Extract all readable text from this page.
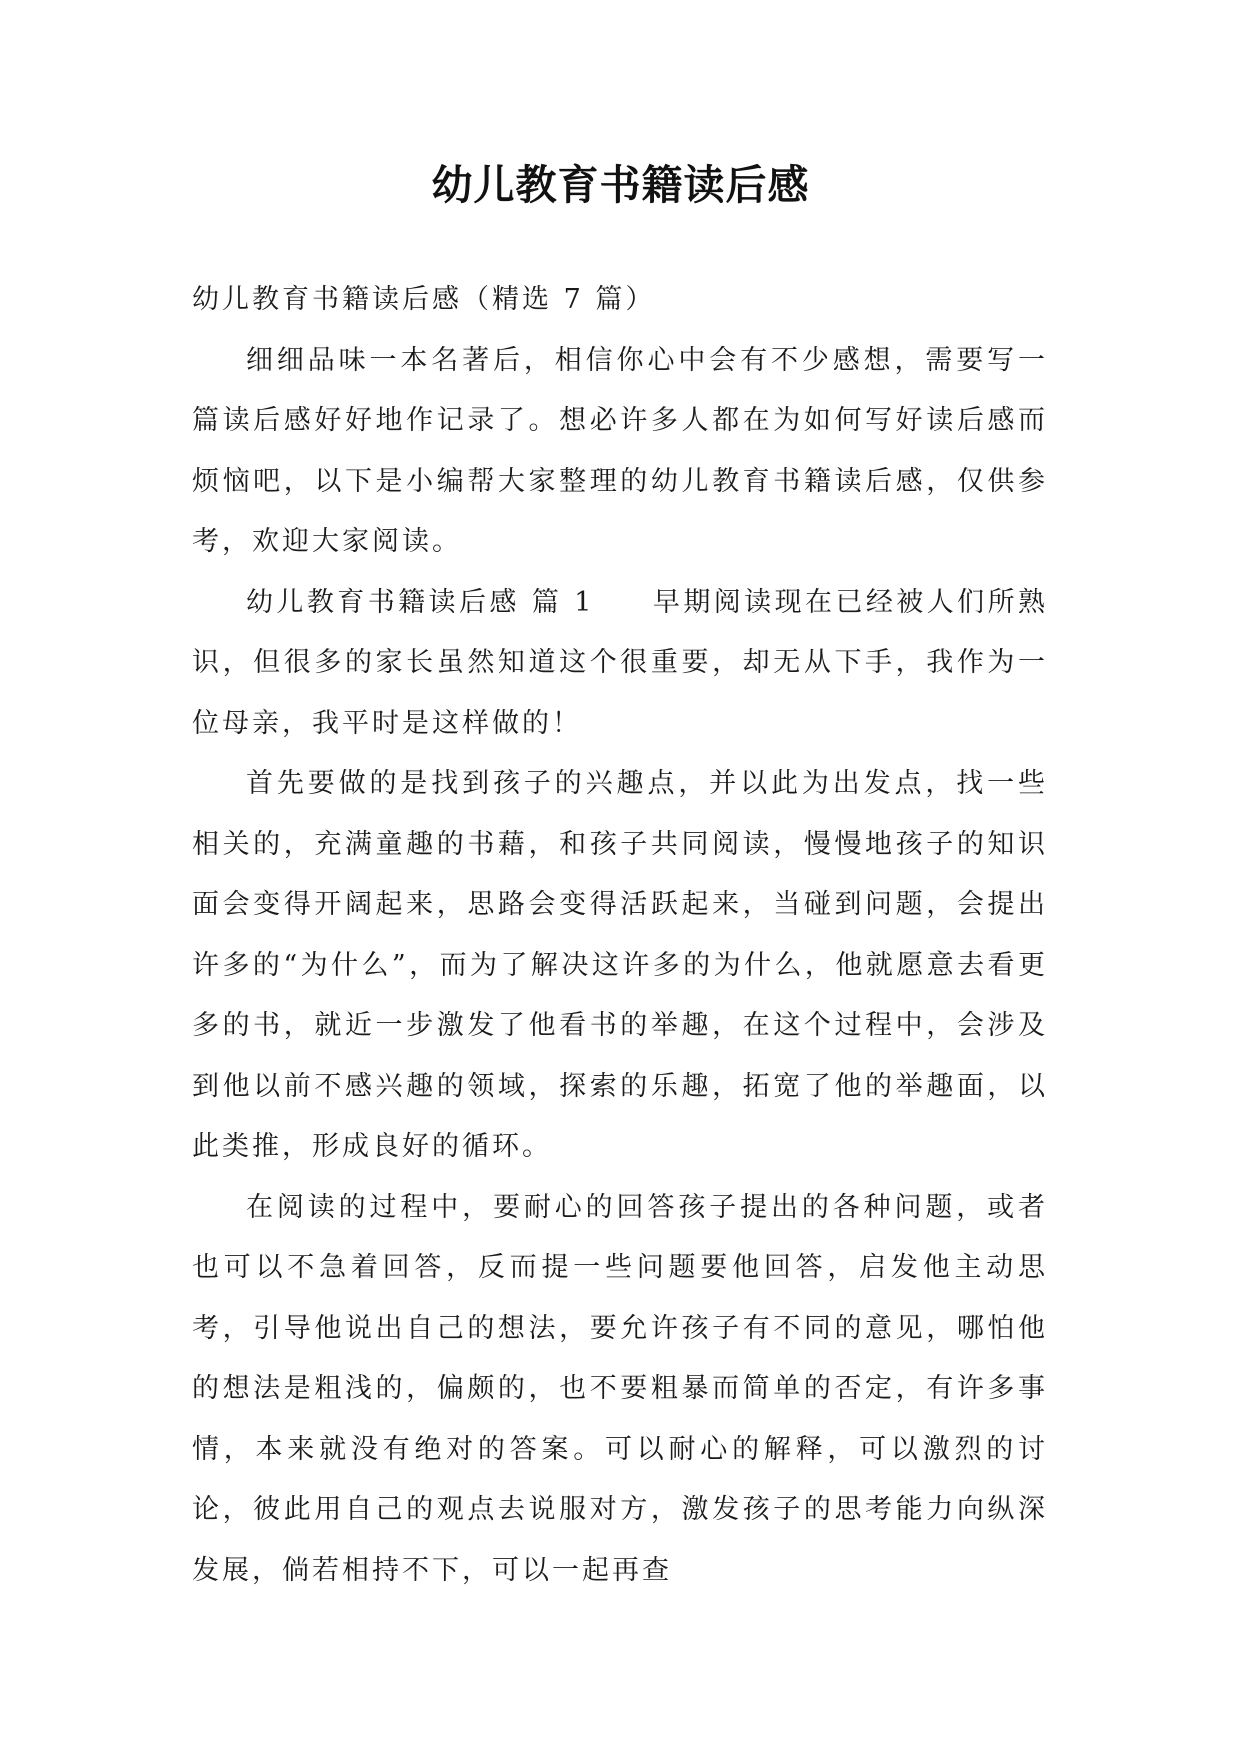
幼儿教育书籍读后感

幼儿教育书籍读后感（精选 7 篇）

细细品味一本名著后，相信你心中会有不少感想，需要写一篇读后感好好地作记录了。想必许多人都在为如何写好读后感而烦恼吧，以下是小编帮大家整理的幼儿教育书籍读后感，仅供参考，欢迎大家阅读。

幼儿教育书籍读后感 篇 1 早期阅读现在已经被人们所熟识，但很多的家长虽然知道这个很重要，却无从下手，我作为一位母亲，我平时是这样做的！

首先要做的是找到孩子的兴趣点，并以此为出发点，找一些相关的，充满童趣的书藉，和孩子共同阅读，慢慢地孩子的知识面会变得开阔起来，思路会变得活跃起来，当碰到问题，会提出许多的“为什么”，而为了解决这许多的为什么，他就愿意去看更多的书，就近一步激发了他看书的举趣，在这个过程中，会涉及到他以前不感兴趣的领域，探索的乐趣，拓宽了他的举趣面，以此类推，形成良好的循环。

在阅读的过程中，要耐心的回答孩子提出的各种问题，或者也可以不急着回答，反而提一些问题要他回答，启发他主动思考，引导他说出自己的想法，要允许孩子有不同的意见，哪怕他的想法是粗浅的，偏颇的，也不要粗暴而简单的否定，有许多事情，本来就没有绝对的答案。可以耐心的解释，可以激烈的讨论，彼此用自己的观点去说服对方，激发孩子的思考能力向纵深发展，倘若相持不下，可以一起再查
